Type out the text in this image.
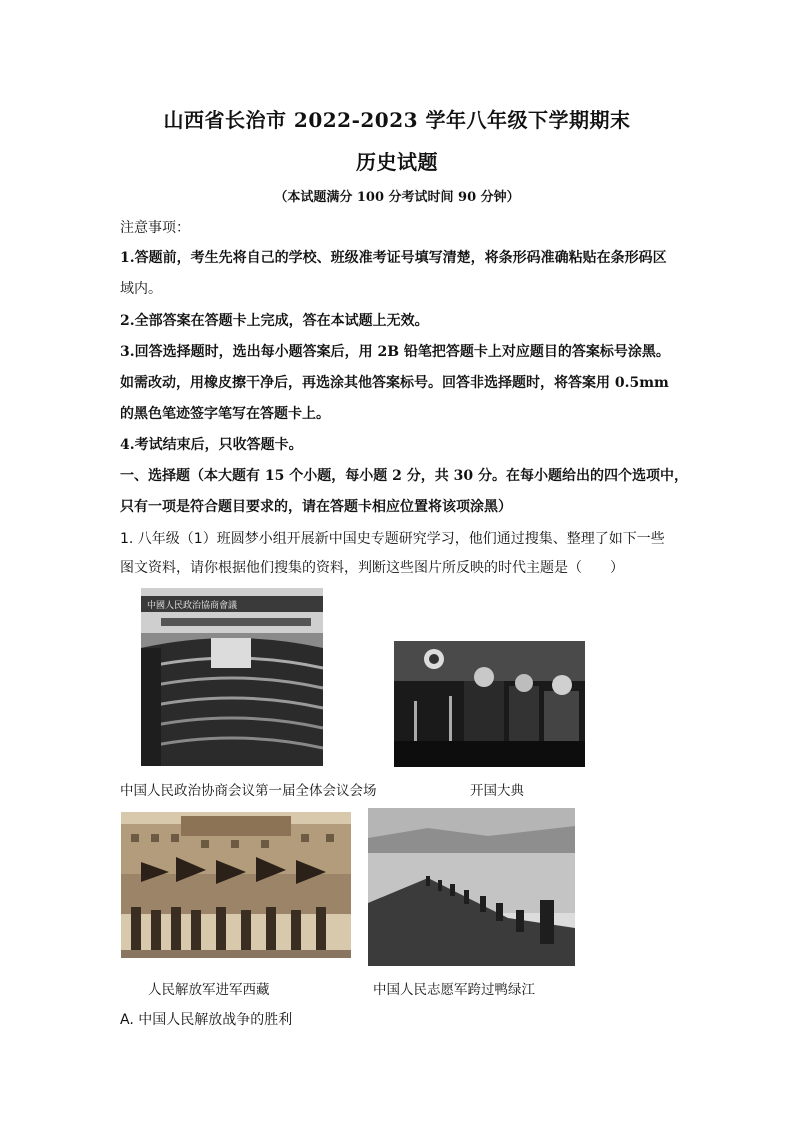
山西省长治市 2022-2023 学年八年级下学期期末
历史试题
（本试题满分 100 分考试时间 90 分钟）
注意事项：
1.答题前，考生先将自己的学校、班级准考证号填写清楚，将条形码准确粘贴在条形码区
域内。
2.全部答案在答题卡上完成，答在本试题上无效。
3.回答选择题时，选出每小题答案后，用 2B 铅笔把答题卡上对应题目的答案标号涂黑。
如需改动，用橡皮擦干净后，再选涂其他答案标号。回答非选择题时，将答案用 0.5mm
的黑色笔迹签字笔写在答题卡上。
4.考试结束后，只收答题卡。
一、选择题（本大题有 15 个小题，每小题 2 分，共 30 分。在每小题给出的四个选项中，
只有一项是符合题目要求的，请在答题卡相应位置将该项涂黑）
1. 八年级（1）班圆梦小组开展新中国史专题研究学习，他们通过搜集、整理了如下一些
图文资料，请你根据他们搜集的资料，判断这些图片所反映的时代主题是（　　）
中國人民政治協商會議
中国人民政治协商会议第一届全体会议会场	开国大典
人民解放军进军西藏	中国人民志愿军跨过鸭绿江
A. 中国人民解放战争的胜利
